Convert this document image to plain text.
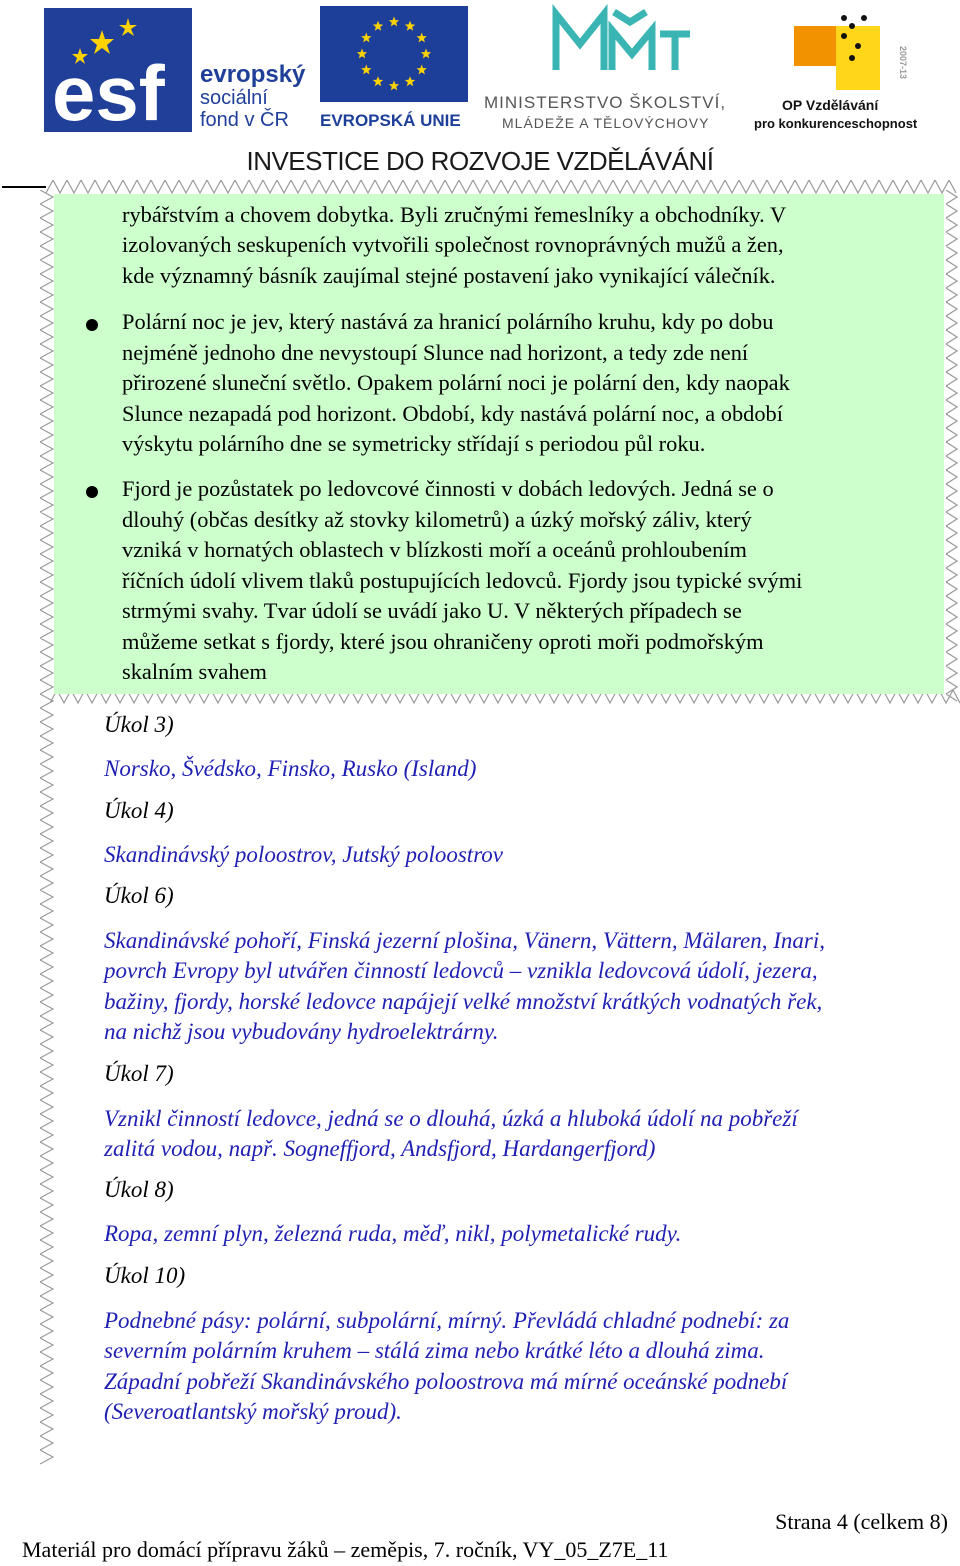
esf evropský
sociální
fond v ČR EVROPSKÁ UNIE
MINISTERSTVO ŠKOLSTVÍ,
MLÁDEŽE A TĚLOVÝCHOVY
2007-13
OP Vzdělávání
pro konkurenceschopnost
INVESTICE DO ROZVOJE VZDĚLÁVÁNÍ

rybářstvím a chovem dobytka. Byli zručnými řemeslníky a obchodníky. V

izolovaných seskupeních vytvořili společnost rovnoprávných mužů a žen,

kde významný básník zaujímal stejné postavení jako vynikající válečník.

Polární noc je jev, který nastává za hranicí polárního kruhu, kdy po dobu

nejméně jednoho dne nevystoupí Slunce nad horizont, a tedy zde není

přirozené sluneční světlo. Opakem polární noci je polární den, kdy naopak

Slunce nezapadá pod horizont. Období, kdy nastává polární noc, a období

výskytu polárního dne se symetricky střídají s periodou půl roku.

Fjord je pozůstatek po ledovcové činnosti v dobách ledových. Jedná se o

dlouhý (občas desítky až stovky kilometrů) a úzký mořský záliv, který

vzniká v hornatých oblastech v blízkosti moří a oceánů prohloubením

říčních údolí vlivem tlaků postupujících ledovců. Fjordy jsou typické svými

strmými svahy. Tvar údolí se uvádí jako U. V některých případech se

můžeme setkat s fjordy, které jsou ohraničeny oproti moři podmořským

skalním svahem

Úkol 3)

Norsko, Švédsko, Finsko, Rusko (Island)

Úkol 4)

Skandinávský poloostrov, Jutský poloostrov

Úkol 6)

Skandinávské pohoří, Finská jezerní plošina, Vänern, Vättern, Mälaren, Inari,

povrch Evropy byl utvářen činností ledovců – vznikla ledovcová údolí, jezera,

bažiny, fjordy, horské ledovce napájejí velké množství krátkých vodnatých řek,

na nichž jsou vybudovány hydroelektrárny.

Úkol 7)

Vznikl činností ledovce, jedná se o dlouhá, úzká a hluboká údolí na pobřeží

zalitá vodou, např. Sogneffjord, Andsfjord, Hardangerfjord)

Úkol 8)

Ropa, zemní plyn, železná ruda, měď, nikl, polymetalické rudy.

Úkol 10)

Podnebné pásy: polární, subpolární, mírný. Převládá chladné podnebí: za

severním polárním kruhem – stálá zima nebo krátké léto a dlouhá zima.

Západní pobřeží Skandinávského poloostrova má mírné oceánské podnebí

(Severoatlantský mořský proud).

Strana 4 (celkem 8)
Materiál pro domácí přípravu žáků – zeměpis, 7. ročník, VY_05_Z7E_11
